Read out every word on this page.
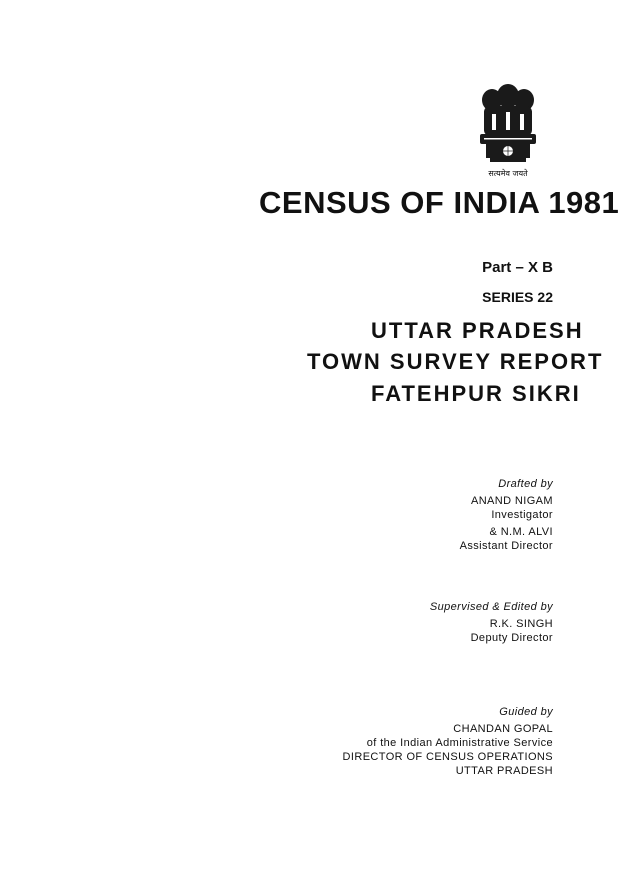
सत्यमेव जयते
CENSUS OF INDIA 1981
Part – X B
SERIES 22
UTTAR PRADESH
TOWN SURVEY REPORT
FATEHPUR SIKRI
Drafted by
ANAND NIGAM
Investigator
& N.M. ALVI
Assistant Director
Supervised & Edited by
R.K. SINGH
Deputy Director
Guided by
CHANDAN GOPAL
of the Indian Administrative Service
DIRECTOR OF CENSUS OPERATIONS
UTTAR PRADESH
